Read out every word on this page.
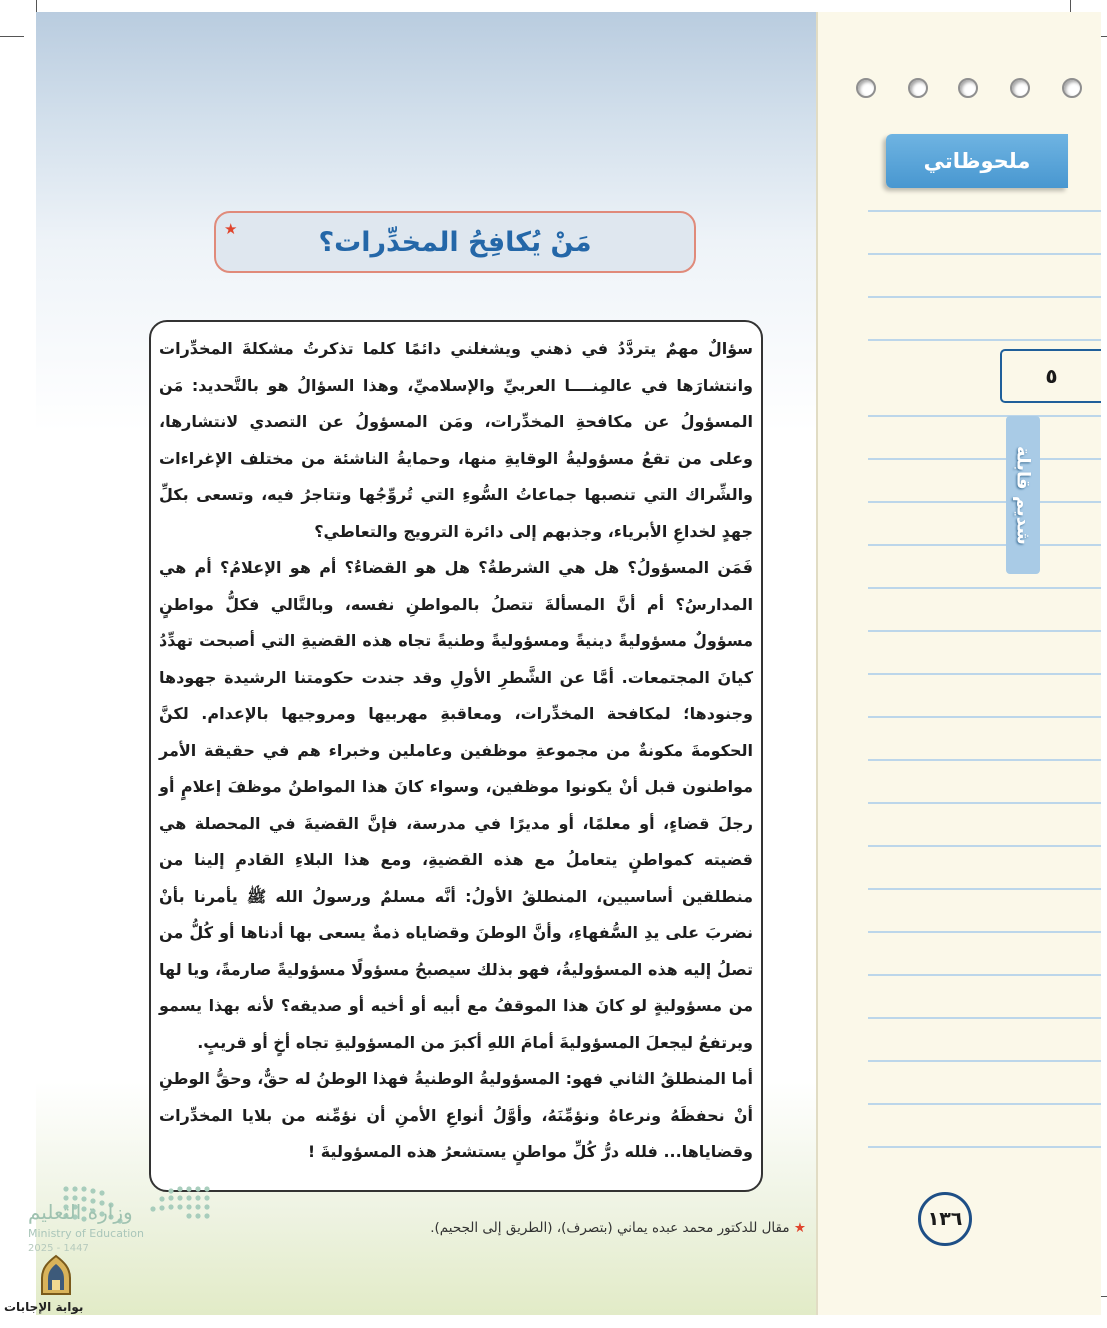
مَنْ يُكافِحُ المخدِّرات؟
★

سؤالٌ مهمٌ يتردَّدُ في ذهني ويشغلني دائمًا كلما تذكرتُ مشكلةَ المخدِّرات وانتشارَها في عالمِنــــا العربيِّ والإسلاميِّ، وهذا السؤالُ هو بالتَّحديد: مَن المسؤولُ عن مكافحةِ المخدِّرات، ومَن المسؤولُ عن التصدي لانتشارها، وعلى من تقعُ مسؤوليةُ الوقايةِ منها، وحمايةُ الناشئة من مختلف الإغراءات والشِّراك التي تنصبها جماعاتُ السُّوءِ التي تُروِّجُها وتتاجرُ فيه، وتسعى بكلِّ جهدٍ لخداعِ الأبرياء، وجذبهم إلى دائرة الترويج والتعاطي؟

فَمَن المسؤولُ؟ هل هي الشرطةُ؟ هل هو القضاءُ؟ أم هو الإعلامُ؟ أم هي المدارسُ؟ أم أنَّ المسألةَ تتصلُ بالمواطنِ نفسه، وبالتَّالي فكلُّ مواطنٍ مسؤولٌ مسؤوليةً دينيةً ومسؤوليةً وطنيةً تجاه هذه القضيةِ التي أصبحت تهدِّدُ كيانَ المجتمعات. أمَّا عن الشَّطرِ الأولِ وقد جندت حكومتنا الرشيدة جهودها وجنودها؛ لمكافحة المخدِّرات، ومعاقبةِ مهربيها ومروجيها بالإعدام. لكنَّ الحكومةَ مكونةٌ من مجموعةِ موظفين وعاملين وخبراء هم في حقيقة الأمر مواطنون قبل أنْ يكونوا موظفين، وسواء كانَ هذا المواطنُ موظفَ إعلامٍ أو رجلَ قضاءٍ، أو معلمًا، أو مديرًا في مدرسة، فإنَّ القضيةَ في المحصلة هي قضيته كمواطنٍ يتعاملُ مع هذه القضيةِ، ومع هذا البلاءِ القادمِ إلينا من منطلقين أساسيين، المنطلقُ الأولُ: أنَّه مسلمٌ ورسولُ الله ﷺ يأمرنا بأنْ نضربَ على يدِ السُّفهاءِ، وأنَّ الوطنَ وقضاياه ذمةٌ يسعى بها أدناها أو كُلُّ من تصلُ إليه هذه المسؤوليةُ، فهو بذلك سيصبحُ مسؤولًا مسؤوليةً صارمةً، ويا لها من مسؤوليةٍ لو كانَ هذا الموقفُ مع أبيه أو أخيه أو صديقه؟ لأنه بهذا يسمو ويرتفعُ ليجعلَ المسؤوليةَ أمامَ اللهِ أكبرَ من المسؤوليةِ تجاه أخٍ أو قريبٍ.

أما المنطلقُ الثاني فهو: المسؤوليةُ الوطنيةُ فهذا الوطنُ له حقٌّ، وحقُّ الوطنِ أنْ نحفظَهُ ونرعاهُ ونؤمِّنَهُ، وأوَّلُ أنواعِ الأمنِ أن نؤمِّنه من بلايا المخدِّرات وقضاياها... فلله درُّ كُلِّ مواطنٍ يستشعرُ هذه المسؤوليةَ !

★ مقال للدكتور محمد عبده يماني (بتصرف)، (الطريق إلى الجحيم).
وزارة التعليم
Ministry of Education
2025 - 1447
بوابة الإجابات
ملحوظاتي
٥
شديم قابلة
١٣٦
